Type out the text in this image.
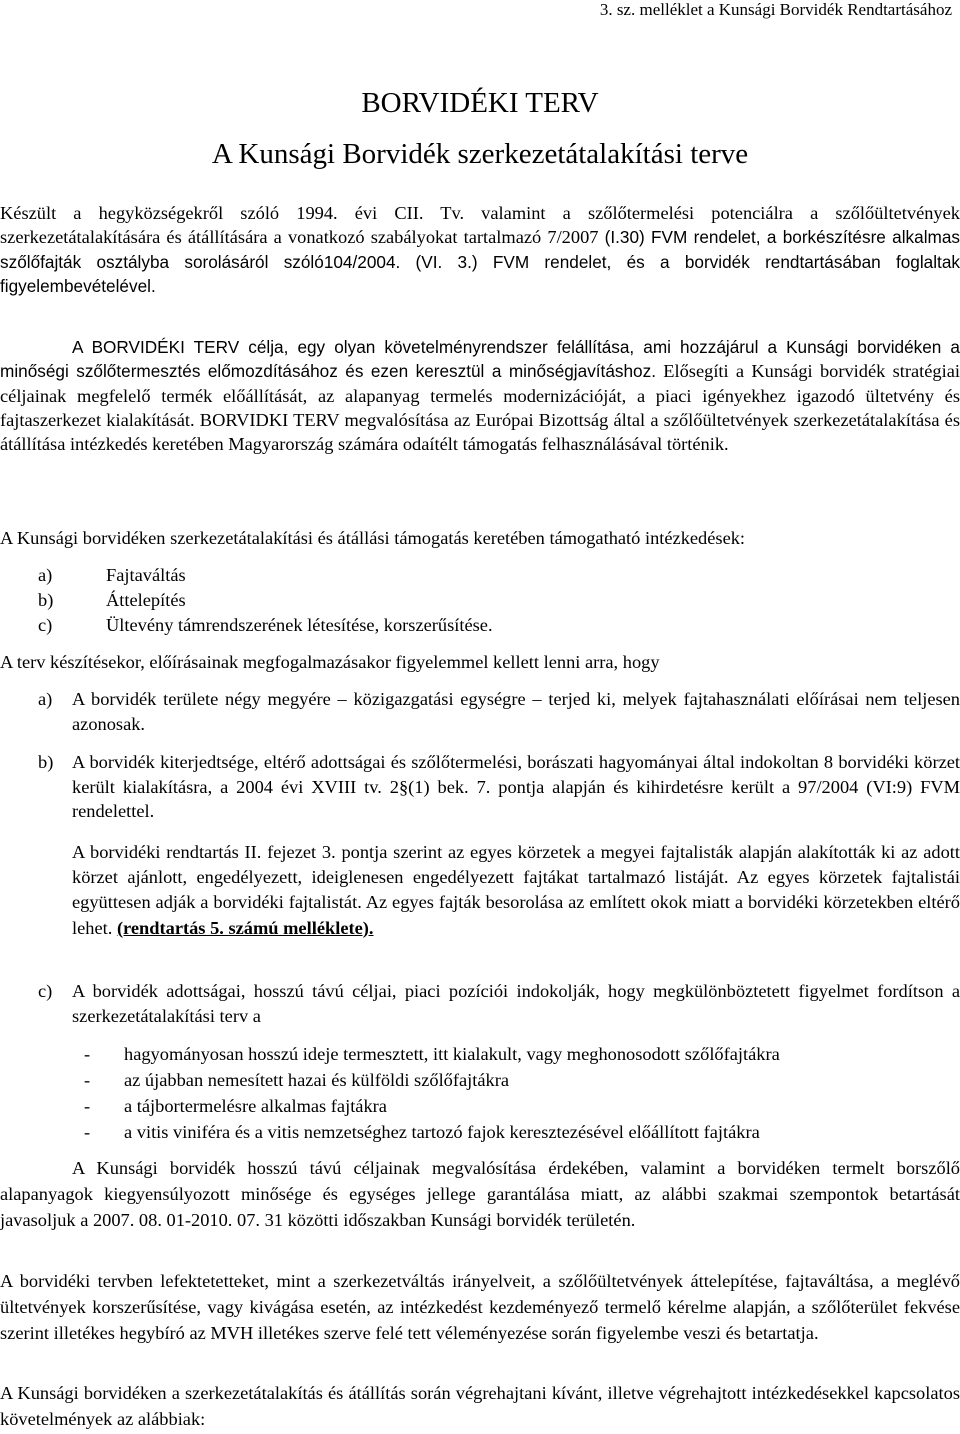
3. sz. melléklet a Kunsági Borvidék Rendtartásához
BORVIDÉKI TERV
A Kunsági Borvidék szerkezetátalakítási terve
Készült a hegyközségekről szóló 1994. évi CII. Tv. valamint a szőlőtermelési potenciálra a szőlőültetvények szerkezetátalakítására és átállítására a vonatkozó szabályokat tartalmazó 7/2007 (I.30) FVM rendelet, a borkészítésre alkalmas szőlőfajták osztályba sorolásáról szóló104/2004. (VI. 3.) FVM rendelet, és a borvidék rendtartásában foglaltak figyelembevételével.
A BORVIDÉKI TERV célja, egy olyan követelményrendszer felállítása, ami hozzájárul a Kunsági borvidéken a minőségi szőlőtermesztés előmozdításához és ezen keresztül a minőségjavításhoz. Elősegíti a Kunsági borvidék stratégiai céljainak megfelelő termék előállítását, az alapanyag termelés modernizációját, a piaci igényekhez igazodó ültetvény és fajtaszerkezet kialakítását. BORVIDKI TERV megvalósítása az Európai Bizottság által a szőlőültetvények szerkezetátalakítása és átállítása intézkedés keretében Magyarország számára odaítélt támogatás felhasználásával történik.
A Kunsági borvidéken szerkezetátalakítási és átállási támogatás keretében támogatható intézkedések:
a)	Fajtaváltás
b)	Áttelepítés
c)	Ültevény támrendszerének létesítése, korszerűsítése.
A terv készítésekor, előírásainak megfogalmazásakor figyelemmel kellett lenni arra, hogy
a) A borvidék területe négy megyére – közigazgatási egységre – terjed ki, melyek fajtahasználati előírásai nem teljesen azonosak.
b) A borvidék kiterjedtsége, eltérő adottságai és szőlőtermelési, borászati hagyományai által indokoltan 8 borvidéki körzet került kialakításra, a 2004 évi XVIII tv. 2§(1) bek. 7. pontja alapján és kihirdetésre került a 97/2004 (VI:9) FVM rendelettel.
A borvidéki rendtartás II. fejezet 3. pontja szerint az egyes körzetek a megyei fajtalisták alapján alakították ki az adott körzet ajánlott, engedélyezett, ideiglenesen engedélyezett fajtákat tartalmazó listáját. Az egyes körzetek fajtalistái együttesen adják a borvidéki fajtalistát. Az egyes fajták besorolása az említett okok miatt a borvidéki körzetekben eltérő lehet. (rendtartás 5. számú melléklete).
c) A borvidék adottságai, hosszú távú céljai, piaci pozíciói indokolják, hogy megkülönböztetett figyelmet fordítson a szerkezetátalakítási terv a
- hagyományosan hosszú ideje termesztett, itt kialakult, vagy meghonosodott szőlőfajtákra
- az újabban nemesített hazai és külföldi szőlőfajtákra
- a tájbortermelésre alkalmas fajtákra
- a vitis viniféra és a vitis nemzetséghez tartozó fajok keresztezésével előállított fajtákra
A Kunsági borvidék hosszú távú céljainak megvalósítása érdekében, valamint a borvidéken termelt borszőlő alapanyagok kiegyensúlyozott minősége és egységes jellege garantálása miatt, az alábbi szakmai szempontok betartását javasoljuk a 2007. 08. 01-2010. 07. 31 közötti időszakban Kunsági borvidék területén.
A borvidéki tervben lefektetetteket, mint a szerkezetváltás irányelveit, a szőlőültetvények áttelepítése, fajtaváltása, a meglévő ültetvények korszerűsítése, vagy kivágása esetén, az intézkedést kezdeményező termelő kérelme alapján, a szőlőterület fekvése szerint illetékes hegybíró az MVH illetékes szerve felé tett véleményezése során figyelembe veszi és betartatja.
A Kunsági borvidéken a szerkezetátalakítás és átállítás során végrehajtani kívánt, illetve végrehajtott intézkedésekkel kapcsolatos követelmények az alábbiak:
